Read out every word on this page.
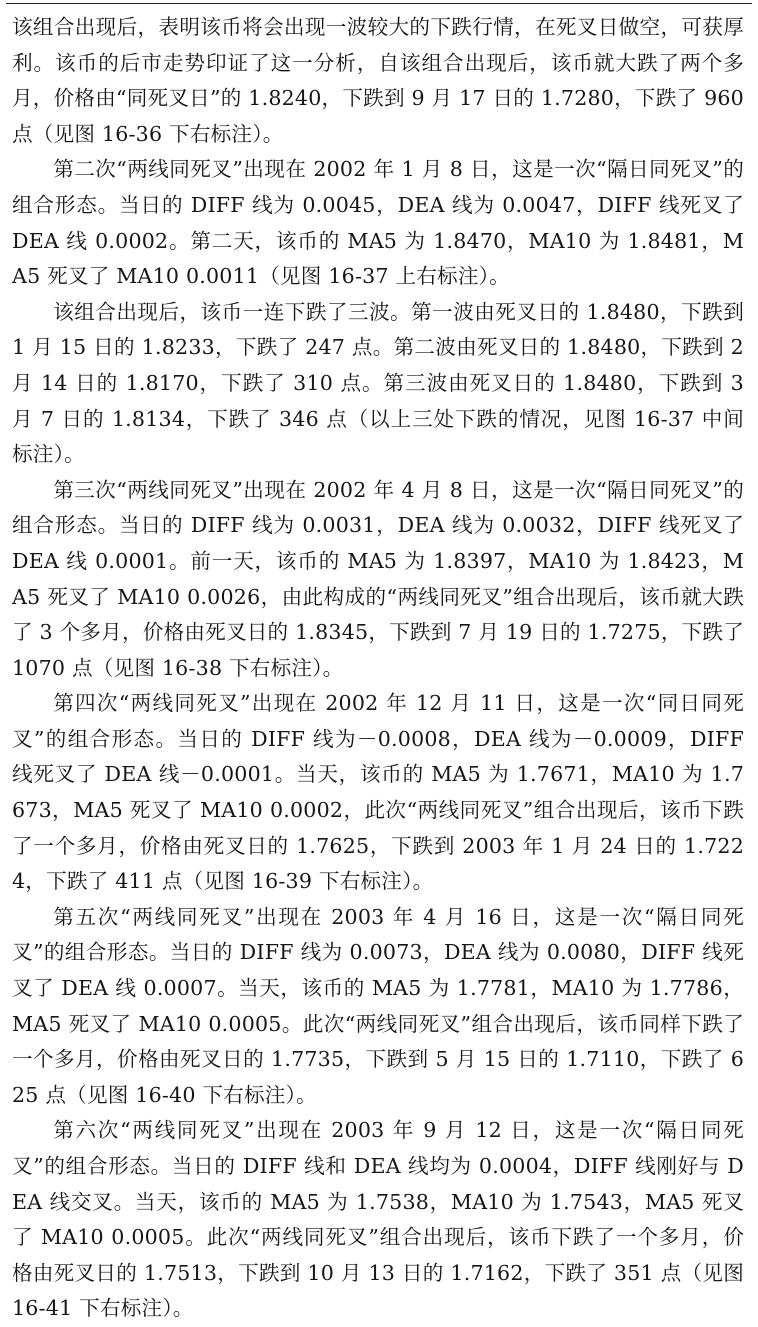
该组合出现后，表明该币将会出现一波较大的下跌行情，在死叉日做空，可获厚利。该币的后市走势印证了这一分析，自该组合出现后，该币就大跌了两个多月，价格由“同死叉日”的 1.8240，下跌到 9 月 17 日的 1.7280，下跌了 960 点（见图 16-36 下右标注）。

第二次“两线同死叉”出现在 2002 年 1 月 8 日，这是一次“隔日同死叉”的组合形态。当日的 DIFF 线为 0.0045，DEA 线为 0.0047，DIFF 线死叉了 DEA 线 0.0002。第二天，该币的 MA5 为 1.8470，MA10 为 1.8481，MA5 死叉了 MA10 0.0011（见图 16-37 上右标注）。

该组合出现后，该币一连下跌了三波。第一波由死叉日的 1.8480，下跌到 1 月 15 日的 1.8233，下跌了 247 点。第二波由死叉日的 1.8480，下跌到 2 月 14 日的 1.8170，下跌了 310 点。第三波由死叉日的 1.8480，下跌到 3 月 7 日的 1.8134，下跌了 346 点（以上三处下跌的情况，见图 16-37 中间标注）。

第三次“两线同死叉”出现在 2002 年 4 月 8 日，这是一次“隔日同死叉”的组合形态。当日的 DIFF 线为 0.0031，DEA 线为 0.0032，DIFF 线死叉了 DEA 线 0.0001。前一天，该币的 MA5 为 1.8397，MA10 为 1.8423，MA5 死叉了 MA10 0.0026，由此构成的“两线同死叉”组合出现后，该币就大跌了 3 个多月，价格由死叉日的 1.8345，下跌到 7 月 19 日的 1.7275，下跌了 1070 点（见图 16-38 下右标注）。

第四次“两线同死叉”出现在 2002 年 12 月 11 日，这是一次“同日同死叉”的组合形态。当日的 DIFF 线为－0.0008，DEA 线为－0.0009，DIFF 线死叉了 DEA 线－0.0001。当天，该币的 MA5 为 1.7671，MA10 为 1.7673，MA5 死叉了 MA10 0.0002，此次“两线同死叉”组合出现后，该币下跌了一个多月，价格由死叉日的 1.7625，下跌到 2003 年 1 月 24 日的 1.7224，下跌了 411 点（见图 16-39 下右标注）。

第五次“两线同死叉”出现在 2003 年 4 月 16 日，这是一次“隔日同死叉”的组合形态。当日的 DIFF 线为 0.0073，DEA 线为 0.0080，DIFF 线死叉了 DEA 线 0.0007。当天，该币的 MA5 为 1.7781，MA10 为 1.7786，MA5 死叉了 MA10 0.0005。此次“两线同死叉”组合出现后，该币同样下跌了一个多月，价格由死叉日的 1.7735，下跌到 5 月 15 日的 1.7110，下跌了 625 点（见图 16-40 下右标注）。

第六次“两线同死叉”出现在 2003 年 9 月 12 日，这是一次“隔日同死叉”的组合形态。当日的 DIFF 线和 DEA 线均为 0.0004，DIFF 线刚好与 DEA 线交叉。当天，该币的 MA5 为 1.7538，MA10 为 1.7543，MA5 死叉了 MA10 0.0005。此次“两线同死叉”组合出现后，该币下跌了一个多月，价格由死叉日的 1.7513，下跌到 10 月 13 日的 1.7162，下跌了 351 点（见图 16-41 下右标注）。
